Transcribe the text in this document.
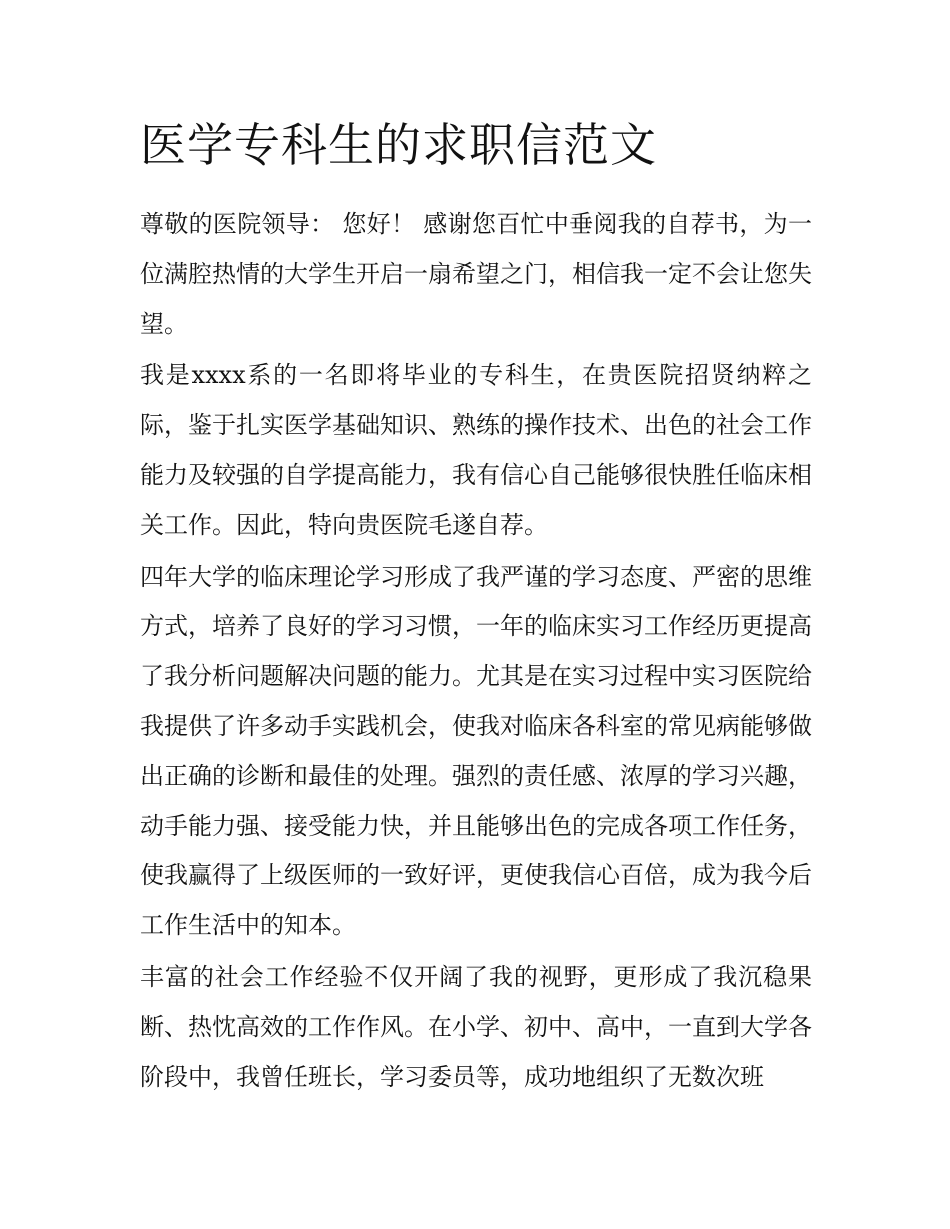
医学专科生的求职信范文

尊敬的医院领导： 您好！ 感谢您百忙中垂阅我的自荐书，为一位满腔热情的大学生开启一扇希望之门，相信我一定不会让您失望。

我是xxxx系的一名即将毕业的专科生，在贵医院招贤纳粹之际，鉴于扎实医学基础知识、熟练的操作技术、出色的社会工作能力及较强的自学提高能力，我有信心自己能够很快胜任临床相关工作。因此，特向贵医院毛遂自荐。

四年大学的临床理论学习形成了我严谨的学习态度、严密的思维方式，培养了良好的学习习惯，一年的临床实习工作经历更提高了我分析问题解决问题的能力。尤其是在实习过程中实习医院给我提供了许多动手实践机会，使我对临床各科室的常见病能够做出正确的诊断和最佳的处理。强烈的责任感、浓厚的学习兴趣，动手能力强、接受能力快，并且能够出色的完成各项工作任务，使我赢得了上级医师的一致好评，更使我信心百倍，成为我今后工作生活中的知本。

丰富的社会工作经验不仅开阔了我的视野，更形成了我沉稳果断、热忱高效的工作作风。在小学、初中、高中，一直到大学各阶段中，我曾任班长，学习委员等，成功地组织了无数次班
